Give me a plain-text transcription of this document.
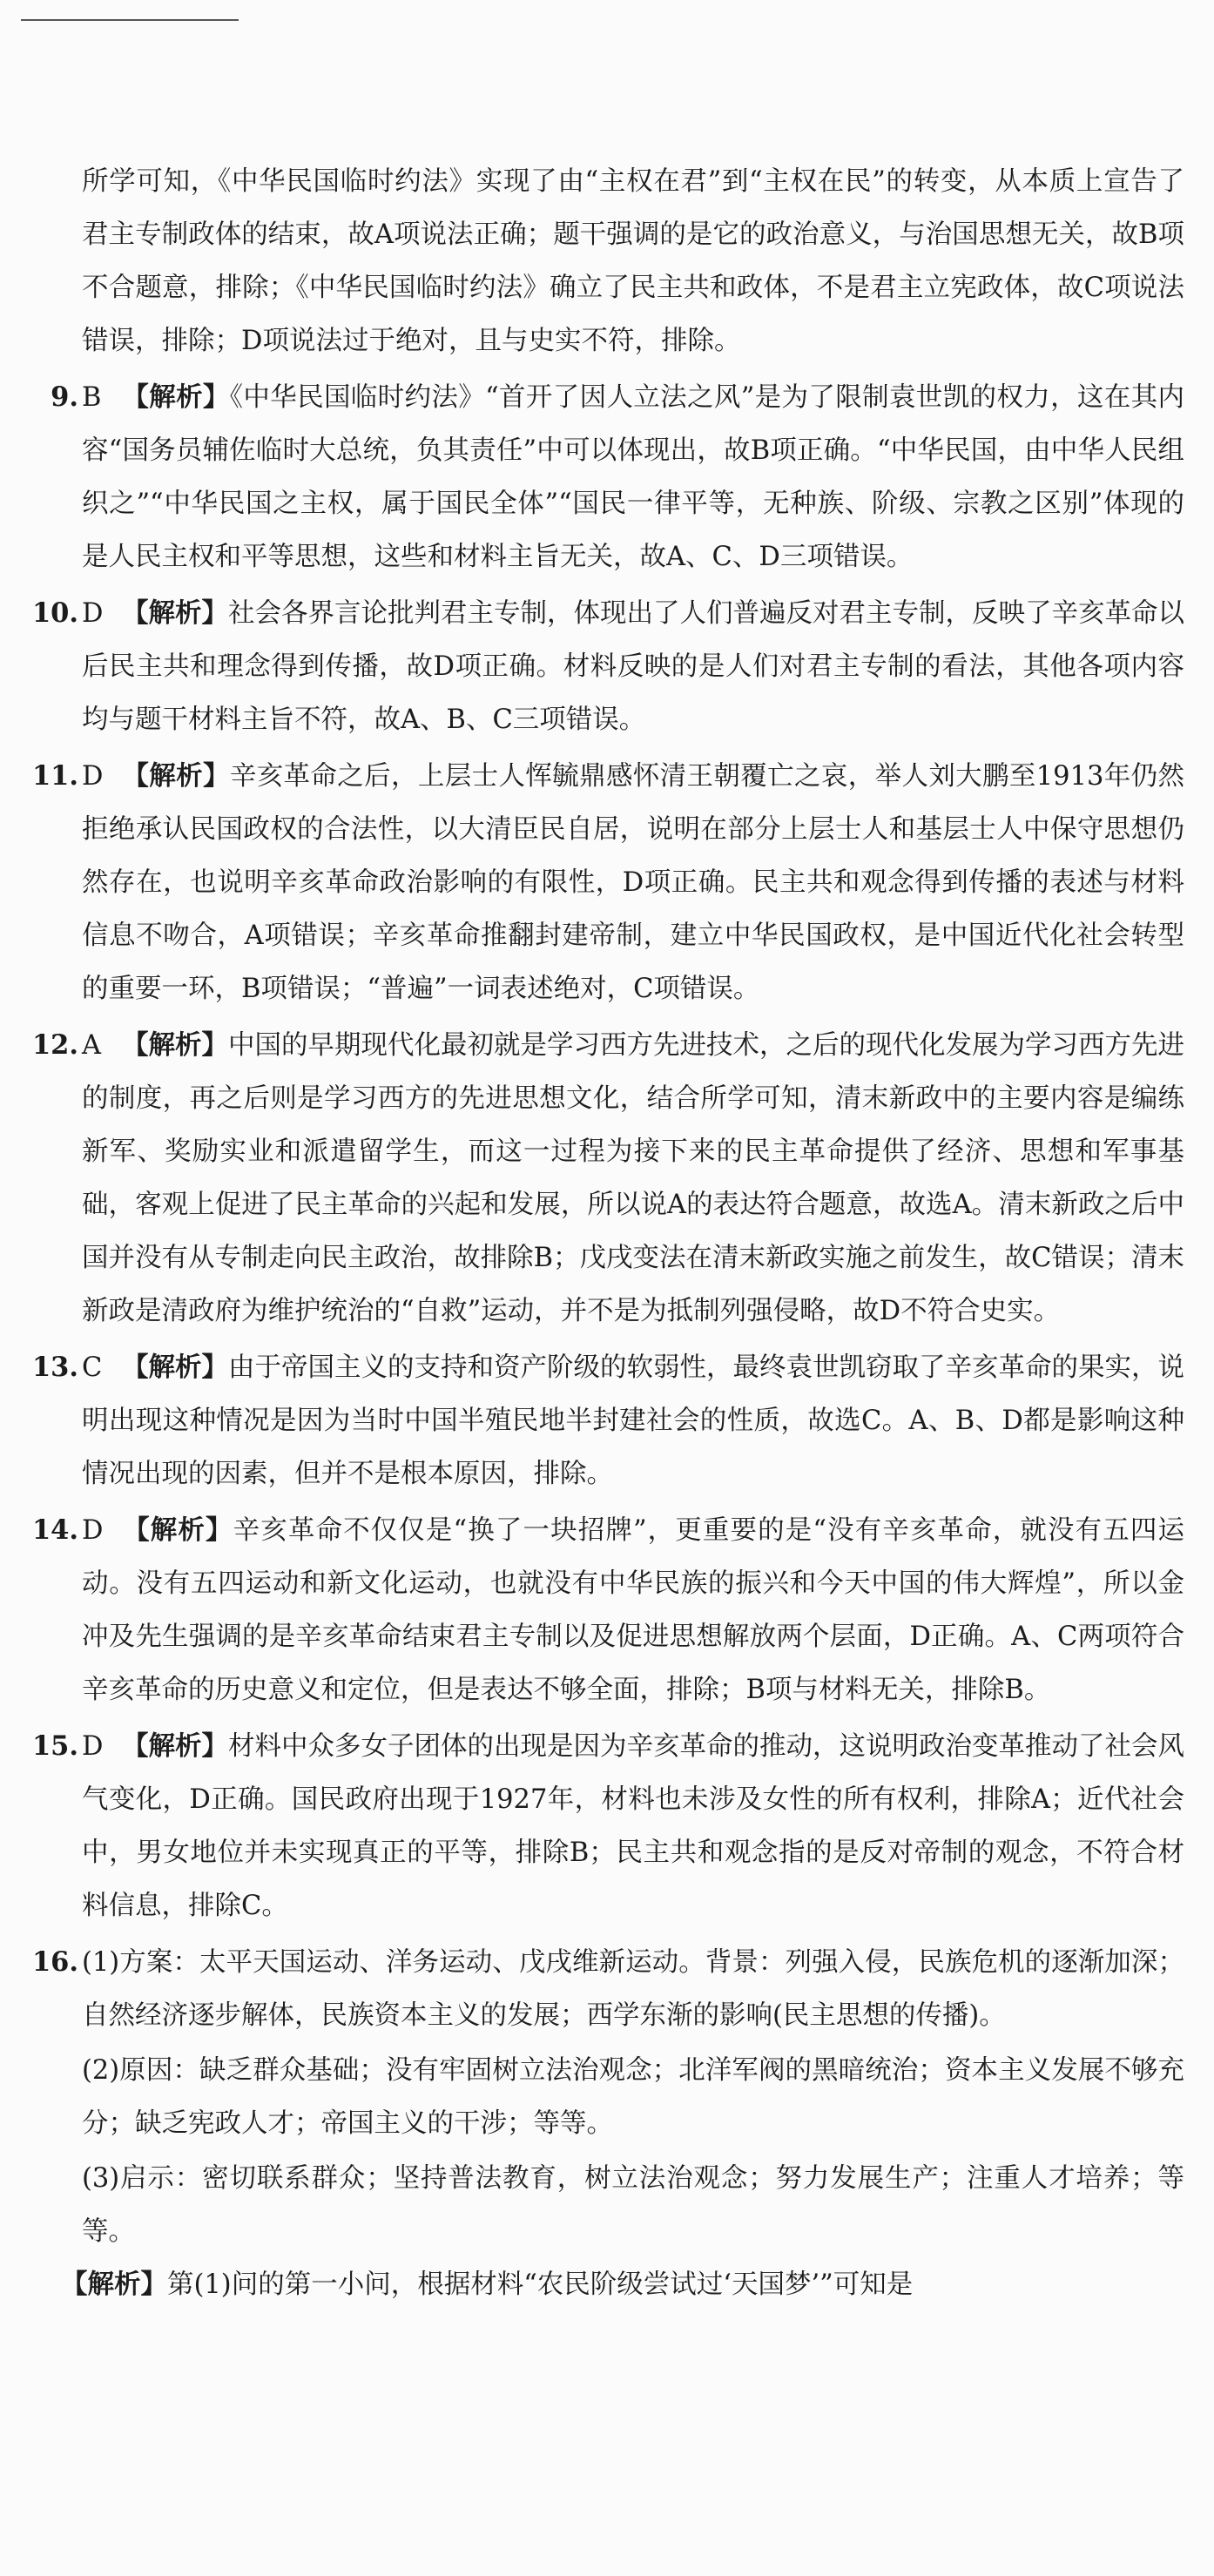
所学可知，《中华民国临时约法》实现了由“主权在君”到“主权在民”的转变，从本质上宣告了君主专制政体的结束，故A项说法正确；题干强调的是它的政治意义，与治国思想无关，故B项不合题意，排除；《中华民国临时约法》确立了民主共和政体，不是君主立宪政体，故C项说法错误，排除；D项说法过于绝对，且与史实不符，排除。
9. B 【解析】《中华民国临时约法》“首开了因人立法之风”是为了限制袁世凯的权力，这在其内容“国务员辅佐临时大总统，负其责任”中可以体现出，故B项正确。“中华民国，由中华人民组织之”“中华民国之主权，属于国民全体”“国民一律平等，无种族、阶级、宗教之区别”体现的是人民主权和平等思想，这些和材料主旨无关，故A、C、D三项错误。
10. D 【解析】社会各界言论批判君主专制，体现出了人们普遍反对君主专制，反映了辛亥革命以后民主共和理念得到传播，故D项正确。材料反映的是人们对君主专制的看法，其他各项内容均与题干材料主旨不符，故A、B、C三项错误。
11. D 【解析】辛亥革命之后，上层士人恽毓鼎感怀清王朝覆亡之哀，举人刘大鹏至1913年仍然拒绝承认民国政权的合法性，以大清臣民自居，说明在部分上层士人和基层士人中保守思想仍然存在，也说明辛亥革命政治影响的有限性，D项正确。民主共和观念得到传播的表述与材料信息不吻合，A项错误；辛亥革命推翻封建帝制，建立中华民国政权，是中国近代化社会转型的重要一环，B项错误；“普遍”一词表述绝对，C项错误。
12. A 【解析】中国的早期现代化最初就是学习西方先进技术，之后的现代化发展为学习西方先进的制度，再之后则是学习西方的先进思想文化，结合所学可知，清末新政中的主要内容是编练新军、奖励实业和派遣留学生，而这一过程为接下来的民主革命提供了经济、思想和军事基础，客观上促进了民主革命的兴起和发展，所以说A的表达符合题意，故选A。清末新政之后中国并没有从专制走向民主政治，故排除B；戊戌变法在清末新政实施之前发生，故C错误；清末新政是清政府为维护统治的“自救”运动，并不是为抵制列强侵略，故D不符合史实。
13. C 【解析】由于帝国主义的支持和资产阶级的软弱性，最终袁世凯窃取了辛亥革命的果实，说明出现这种情况是因为当时中国半殖民地半封建社会的性质，故选C。A、B、D都是影响这种情况出现的因素，但并不是根本原因，排除。
14. D 【解析】辛亥革命不仅仅是“换了一块招牌”，更重要的是“没有辛亥革命，就没有五四运动。没有五四运动和新文化运动，也就没有中华民族的振兴和今天中国的伟大辉煌”，所以金冲及先生强调的是辛亥革命结束君主专制以及促进思想解放两个层面，D正确。A、C两项符合辛亥革命的历史意义和定位，但是表达不够全面，排除；B项与材料无关，排除B。
15. D 【解析】材料中众多女子团体的出现是因为辛亥革命的推动，这说明政治变革推动了社会风气变化，D正确。国民政府出现于1927年，材料也未涉及女性的所有权利，排除A；近代社会中，男女地位并未实现真正的平等，排除B；民主共和观念指的是反对帝制的观念，不符合材料信息，排除C。
16. (1)方案：太平天国运动、洋务运动、戊戌维新运动。背景：列强入侵，民族危机的逐渐加深；自然经济逐步解体，民族资本主义的发展；西学东渐的影响(民主思想的传播)。
(2)原因：缺乏群众基础；没有牢固树立法治观念；北洋军阀的黑暗统治；资本主义发展不够充分；缺乏宪政人才；帝国主义的干涉；等等。
(3)启示：密切联系群众；坚持普法教育，树立法治观念；努力发展生产；注重人才培养；等等。
【解析】第(1)问的第一小问，根据材料“农民阶级尝试过‘天国梦’”可知是
